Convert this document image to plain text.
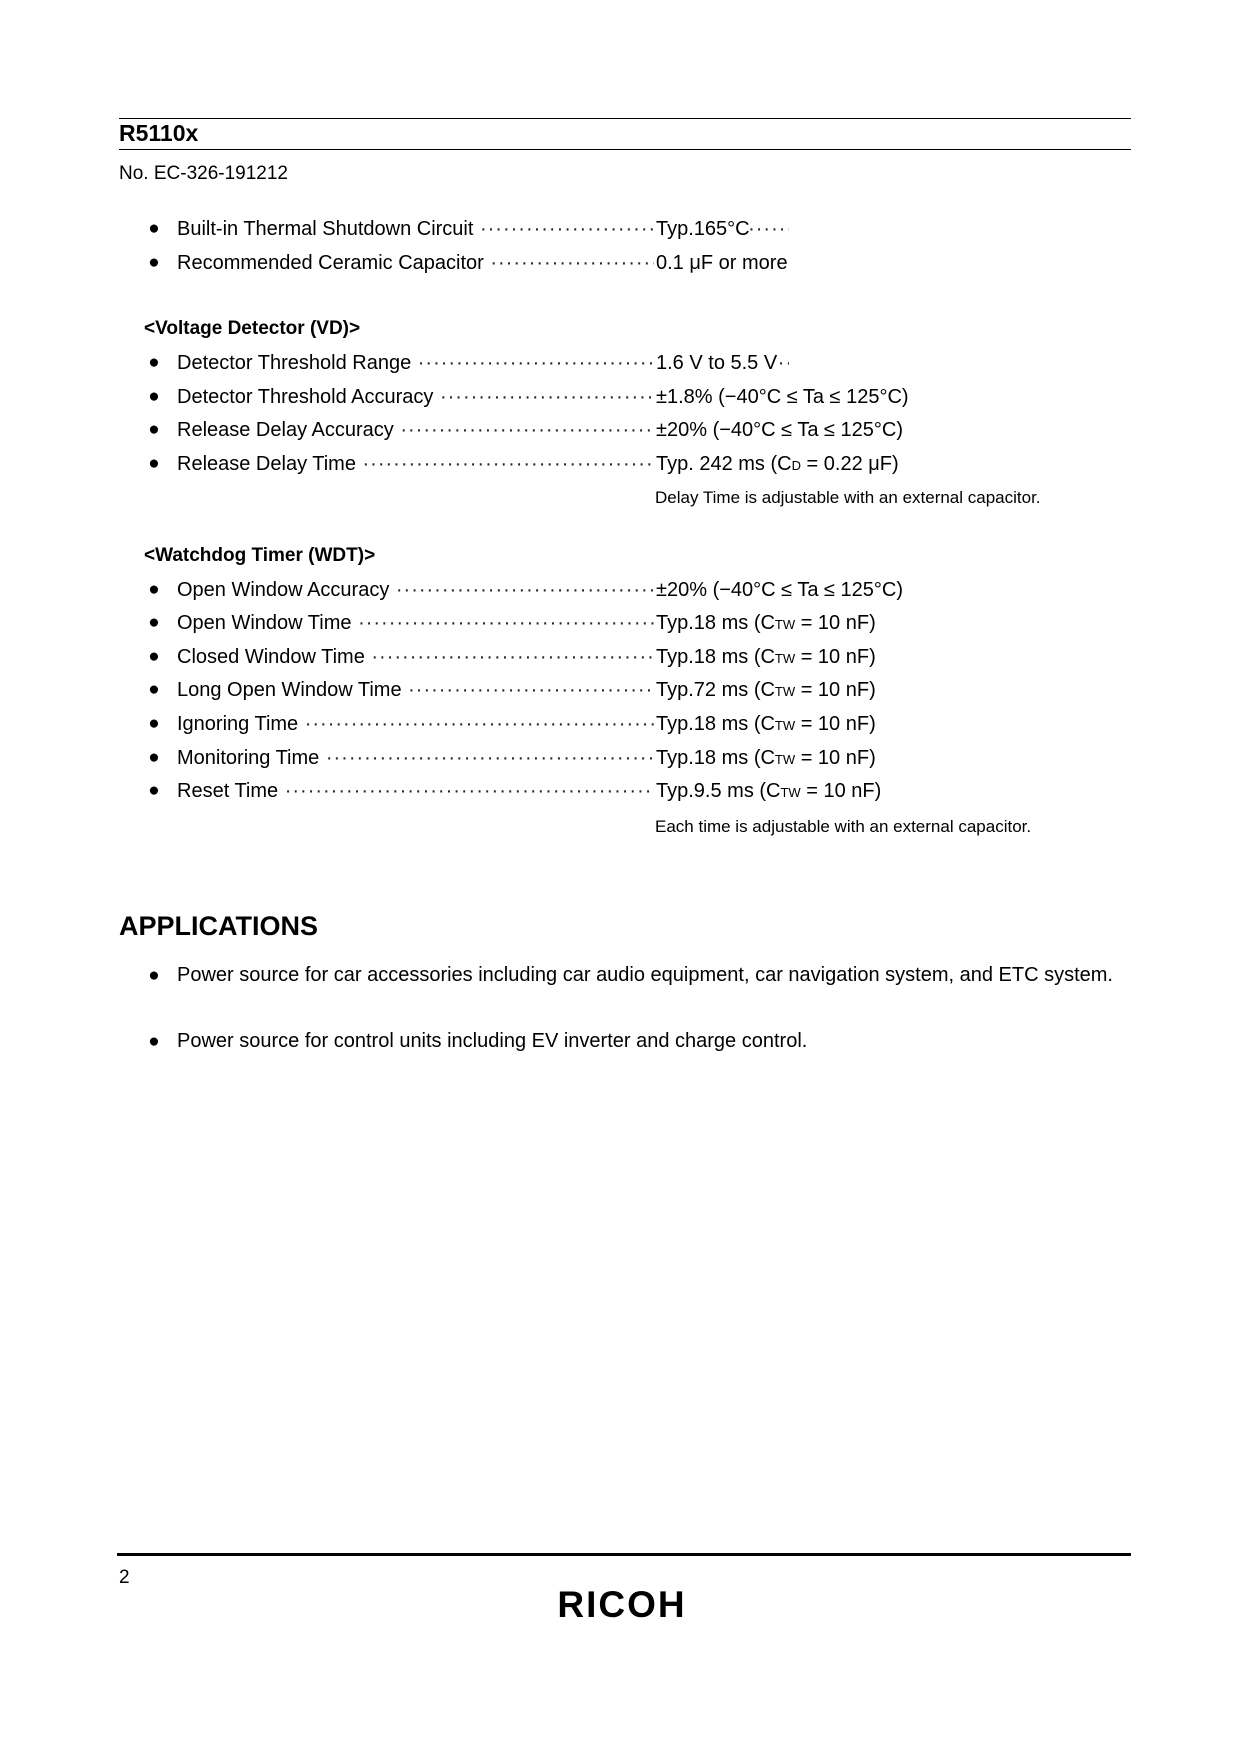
R5110x
No. EC-326-191212
● Built-in Thermal Shutdown Circuit ·····	Typ.165°C
● Recommended Ceramic Capacitor ·····	0.1 μF or more
<Voltage Detector (VD)>
● Detector Threshold Range ·····	1.6 V to 5.5 V
● Detector Threshold Accuracy ·····	±1.8% (−40°C ≤ Ta ≤ 125°C)
● Release Delay Accuracy ·····	±20% (−40°C ≤ Ta ≤ 125°C)
● Release Delay Time ·····	Typ. 242 ms (CD = 0.22 μF)
Delay Time is adjustable with an external capacitor.
<Watchdog Timer (WDT)>
● Open Window Accuracy ·····	±20% (−40°C ≤ Ta ≤ 125°C)
● Open Window Time ·····	Typ.18 ms (CTW = 10 nF)
● Closed Window Time ·····	Typ.18 ms (CTW = 10 nF)
● Long Open Window Time ·····	Typ.72 ms (CTW = 10 nF)
● Ignoring Time ·····	Typ.18 ms (CTW = 10 nF)
● Monitoring Time ·····	Typ.18 ms (CTW = 10 nF)
● Reset Time ·····	Typ.9.5 ms (CTW = 10 nF)
Each time is adjustable with an external capacitor.
APPLICATIONS
● Power source for car accessories including car audio equipment, car navigation system, and ETC system.
● Power source for control units including EV inverter and charge control.
2
RICOH
